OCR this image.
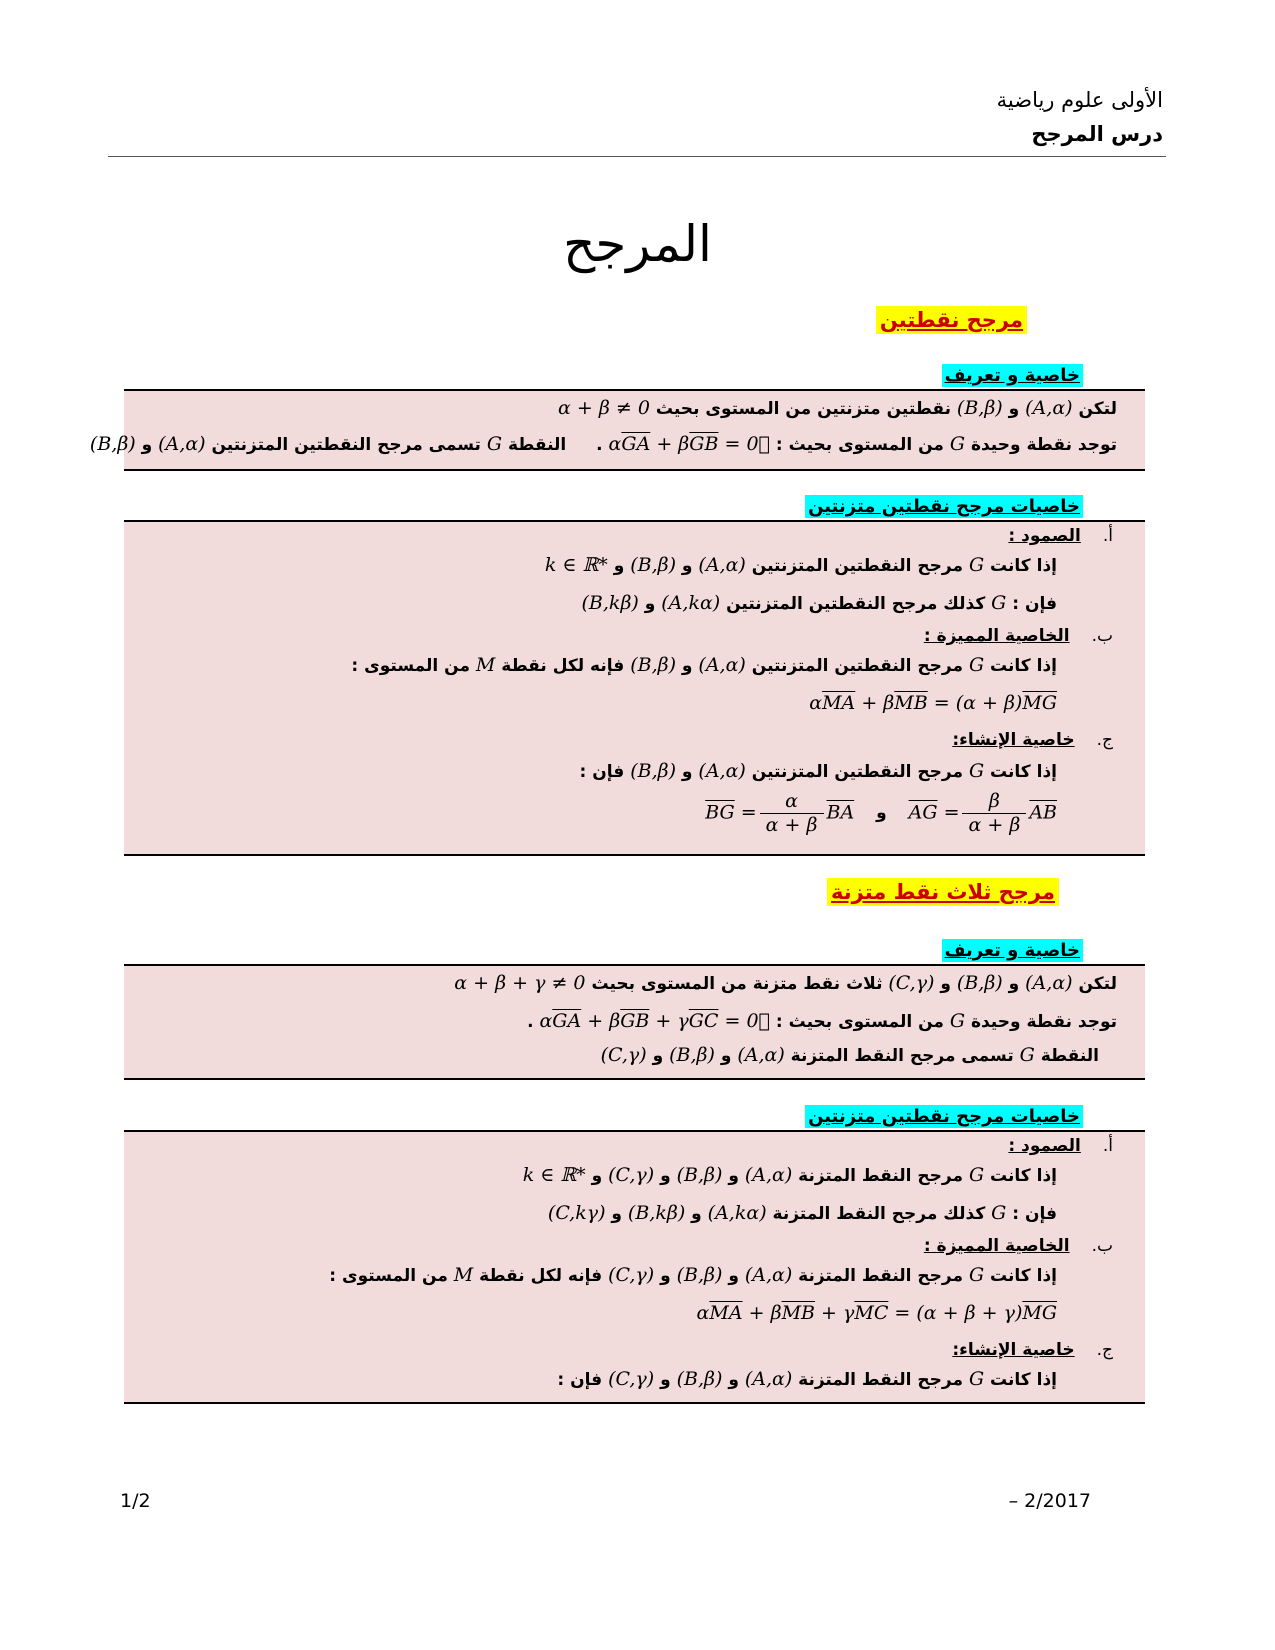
الأولى علوم رياضية
درس المرجح
المرجح
مرجح نقطتين
خاصية و تعريف
لتكن (A,α) و (B,β) نقطتين متزنتين من المستوى بحيث α + β ≠ 0
توجد نقطة وحيدة G من المستوى بحيث : $\alpha\overline{GA} + \beta\overline{GB}$ = 0⃗ . النقطة G تسمى مرجح النقطتين المتزنتين (A,α) و (B,β)
خاصيات مرجح نقطتين متزنتين
أ.الصمود :
إذا كانت G مرجح النقطتين المتزنتين (A,α) و (B,β) و k ∈ ℝ*
فإن : G كذلك مرجح النقطتين المتزنتين (A,kα) و (B,kβ)
ب.الخاصية المميزة :
إذا كانت G مرجح النقطتين المتزنتين (A,α) و (B,β) فإنه لكل نقطة M من المستوى :
$\alpha\overline{MA} + \beta\overline{MB} = (\alpha + \beta)\overline{MG}$
ج.خاصية الإنشاء:
إذا كانت G مرجح النقطتين المتزنتين (A,α) و (B,β) فإن :
$\overline{AG} = \frac{\beta}{\alpha + \beta} \overline{AB}$ و $\overline{BG} = \frac{\alpha}{\alpha + \beta} \overline{BA}$
مرجح ثلاث نقط متزنة
خاصية و تعريف
لتكن (A,α) و (B,β) و (C,γ) ثلاث نقط متزنة من المستوى بحيث α + β + γ ≠ 0
توجد نقطة وحيدة G من المستوى بحيث : $\alpha\overline{GA} + \beta\overline{GB} + \gamma\overline{GC}$ = 0⃗ .
النقطة G تسمى مرجح النقط المتزنة (A,α) و (B,β) و (C,γ)
خاصيات مرجح نقطتين متزنتين
أ.الصمود :
إذا كانت G مرجح النقط المتزنة (A,α) و (B,β) و (C,γ) و k ∈ ℝ*
فإن : G كذلك مرجح النقط المتزنة (A,kα) و (B,kβ) و (C,kγ)
ب.الخاصية المميزة :
إذا كانت G مرجح النقط المتزنة (A,α) و (B,β) و (C,γ) فإنه لكل نقطة M من المستوى :
$\alpha\overline{MA} + \beta\overline{MB} + \gamma\overline{MC} = (\alpha + \beta + \gamma)\overline{MG}$
ج.خاصية الإنشاء:
إذا كانت G مرجح النقط المتزنة (A,α) و (B,β) و (C,γ) فإن :
1/2	– 2/2017
